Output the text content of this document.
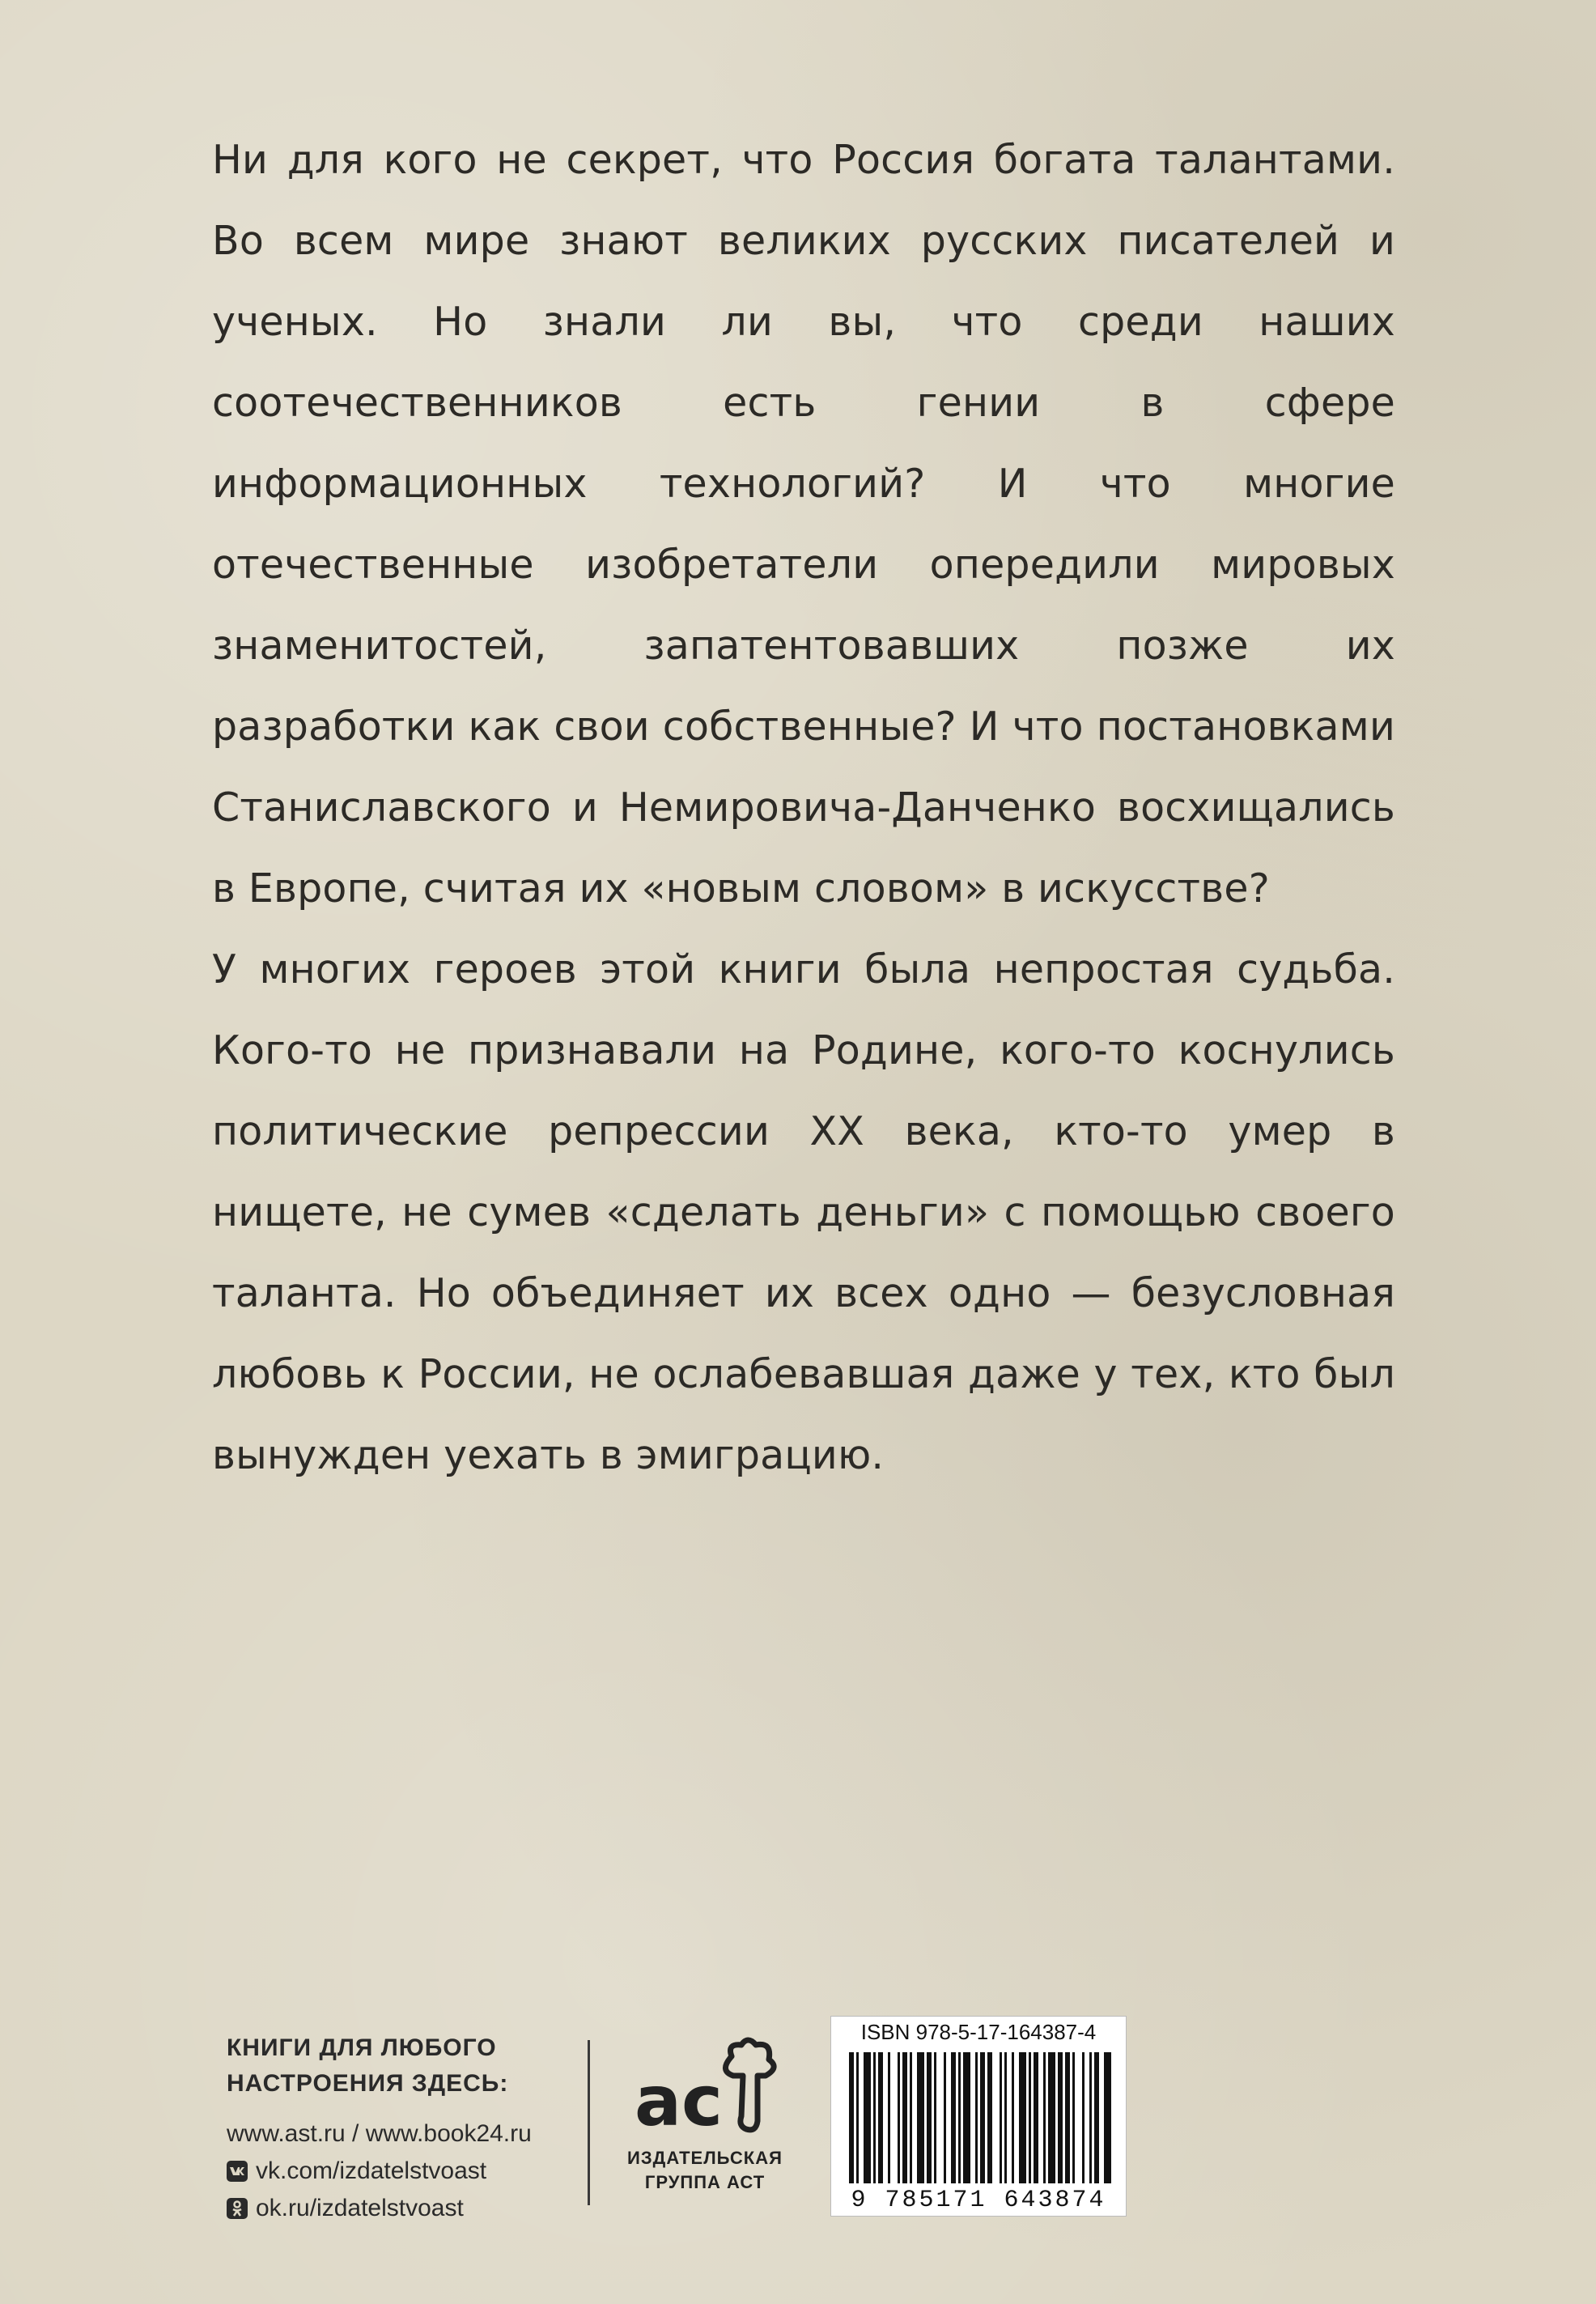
Ни для кого не секрет, что Россия богата талантами. Во всем мире знают великих русских писателей и ученых. Но знали ли вы, что среди наших соотечественников есть гении в сфере информационных технологий? И что многие отечественные изобретатели опередили мировых знаменитостей, запатентовавших позже их разработки как свои собственные? И что постановками Станиславского и Немировича-Данченко восхищались в Европе, считая их «новым словом» в искусстве?

У многих героев этой книги была непростая судьба. Кого-то не признавали на Родине, кого-то коснулись политические репрессии XX века, кто-то умер в нищете, не сумев «сделать деньги» с помощью своего таланта. Но объединяет их всех одно — безусловная любовь к России, не ослабевавшая даже у тех, кто был вынужден уехать в эмиграцию.

КНИГИ ДЛЯ ЛЮБОГО
НАСТРОЕНИЯ ЗДЕСЬ:
www.ast.ru / www.book24.ru
vk.com/izdatelstvoast
ok.ru/izdatelstvoast
ac
ИЗДАТЕЛЬСКАЯ
ГРУППА АСТ
ISBN 978-5-17-164387-4
9 785171 643874
